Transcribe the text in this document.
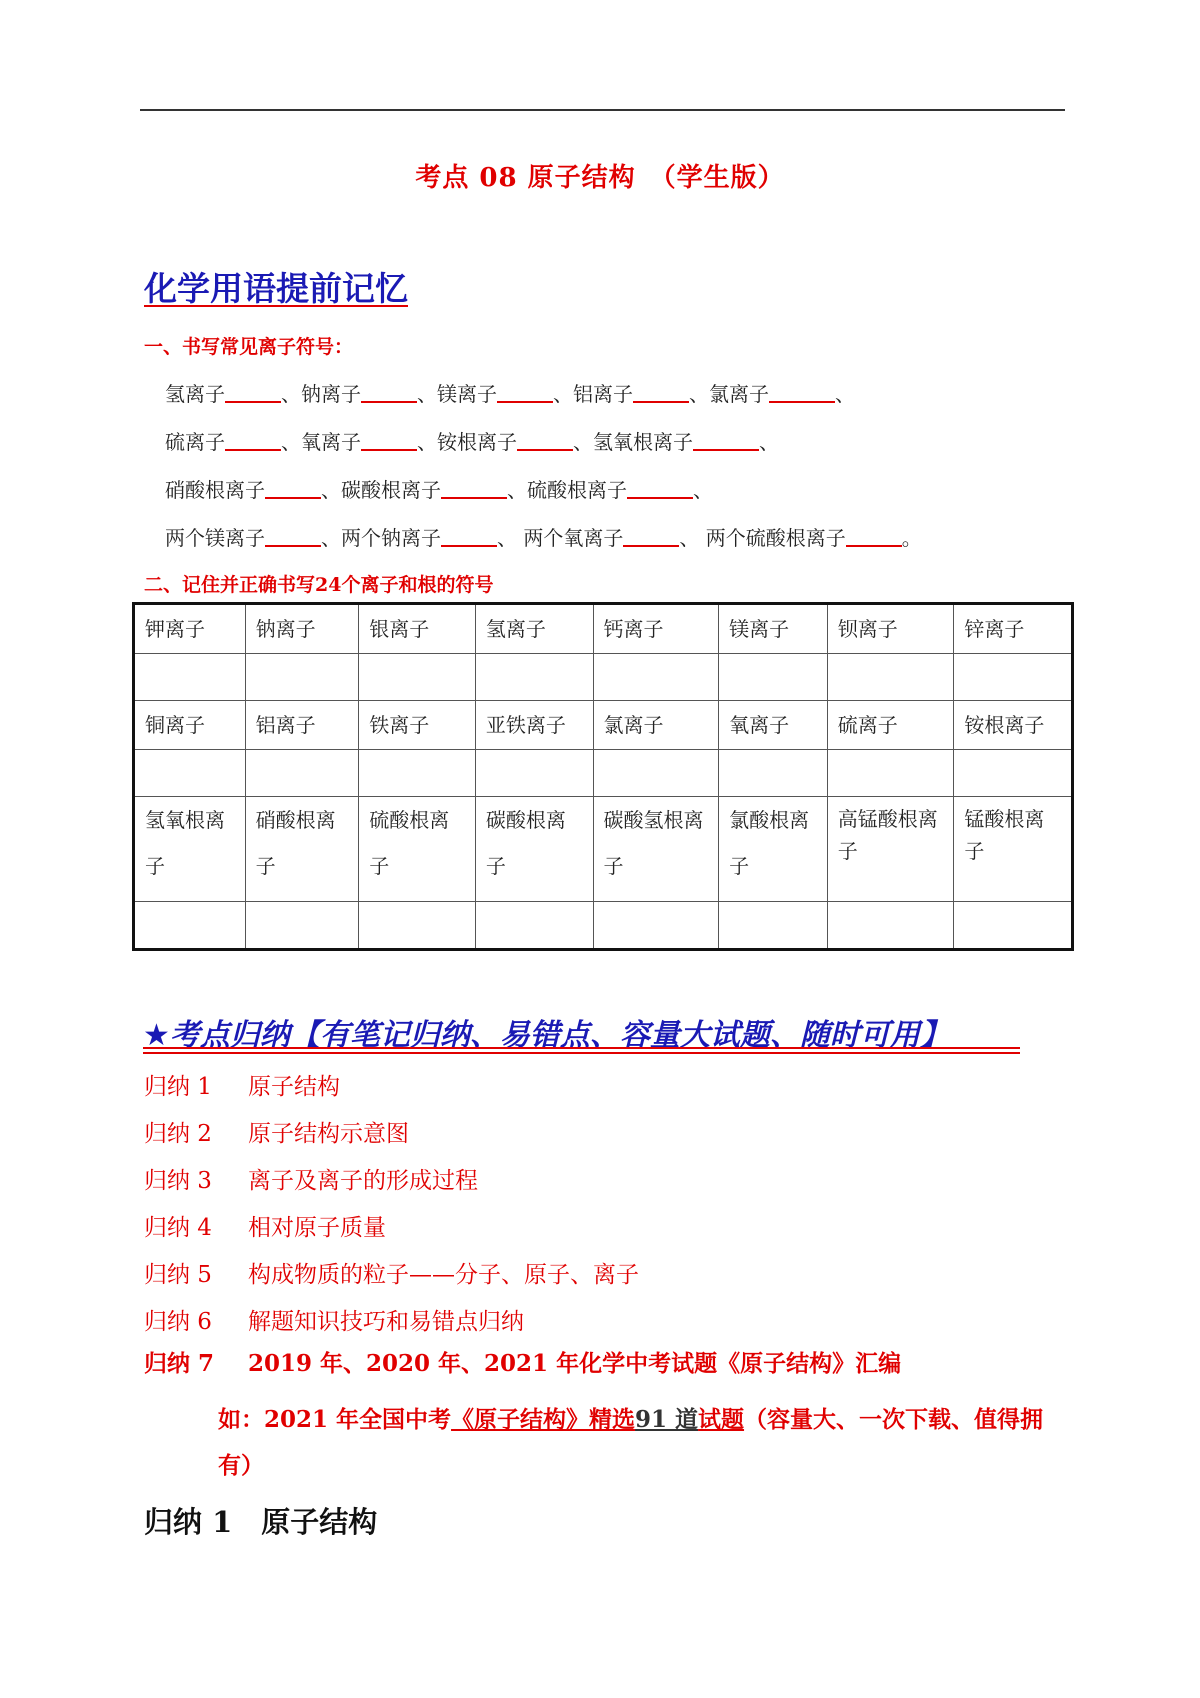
考点 08 原子结构　（学生版）
化学用语提前记忆
一、书写常见离子符号：
氢离子	、钠离子	、镁离子	、铝离子	、氯离子	、
硫离子	、氧离子	、铵根离子	、氢氧根离子	、
硝酸根离子	、碳酸根离子	、硫酸根离子	、
两个镁离子	、两个钠离子	、 两个氧离子	、 两个硫酸根离子	。
二、记住并正确书写24个离子和根的符号
钾离子	钠离子	银离子	氢离子	钙离子	镁离子	钡离子	锌离子

铜离子	铝离子	铁离子	亚铁离子	氯离子	氧离子	硫离子	铵根离子

氢氧根离子	硝酸根离子	硫酸根离子	碳酸根离子	碳酸氢根离子	氯酸根离子	高锰酸根离子	锰酸根离子

★考点归纳【有笔记归纳、易错点、容量大试题、随时可用】
归纳 1 原子结构
归纳 2 原子结构示意图
归纳 3 离子及离子的形成过程
归纳 4 相对原子质量
归纳 5 构成物质的粒子——分子、原子、离子
归纳 6 解题知识技巧和易错点归纳
归纳 7 2019 年、2020 年、2021 年化学中考试题《原子结构》汇编
如：2021 年全国中考《原子结构》精选91 道试题（容量大、一次下载、值得拥有）
归纳 1　原子结构
